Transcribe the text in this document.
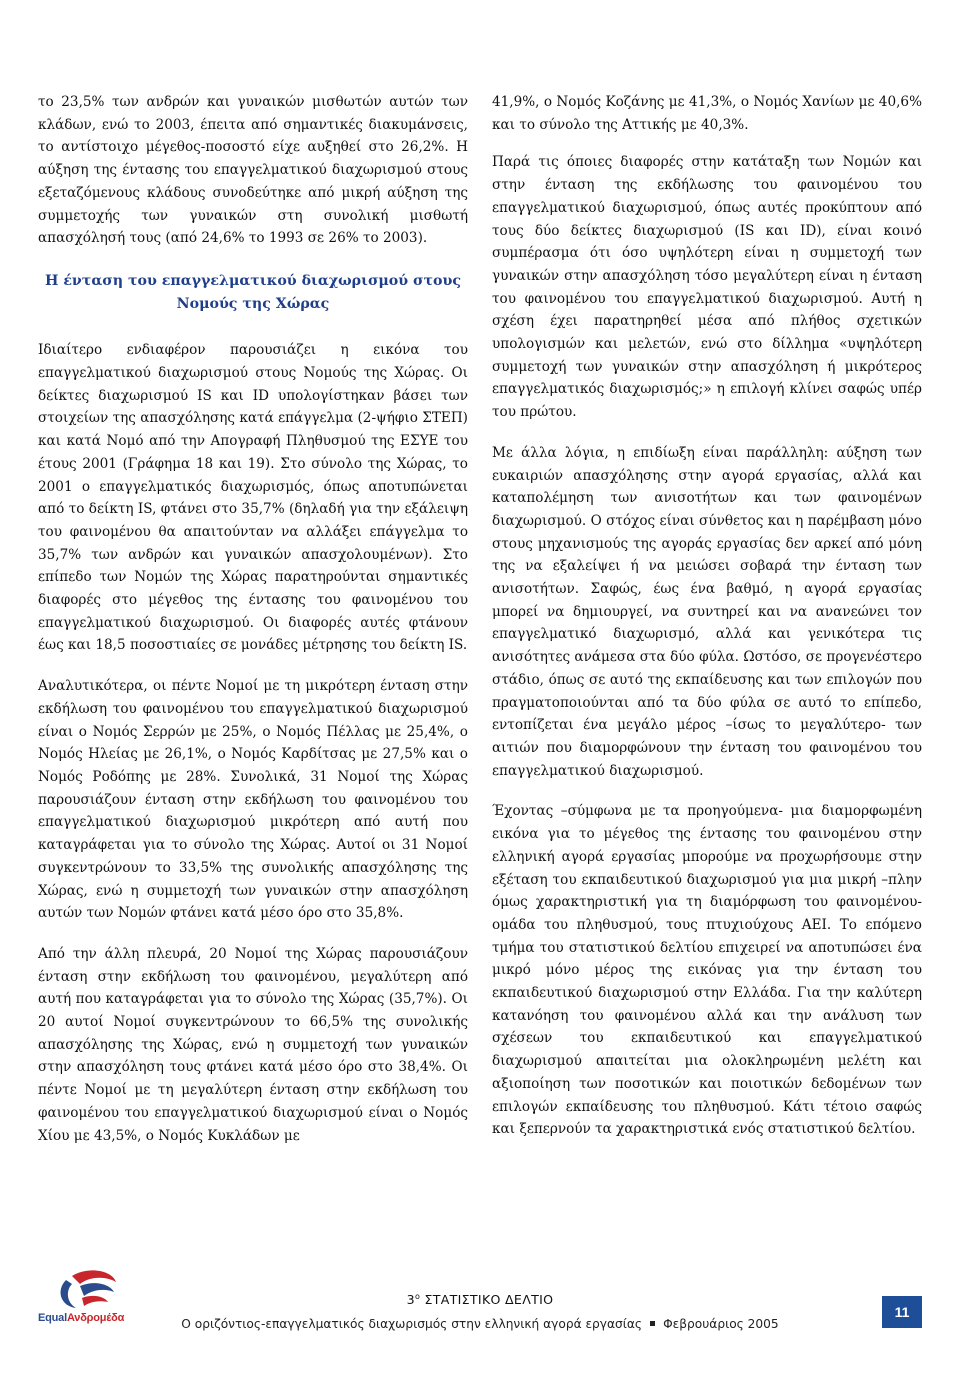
το 23,5% των ανδρών και γυναικών μισθωτών αυτών των κλάδων, ενώ το 2003, έπειτα από σημαντικές διακυμάνσεις, το αντίστοιχο μέγεθος-ποσοστό είχε αυξηθεί στο 26,2%. Η αύξηση της έντασης του επαγγελματικού διαχωρισμού στους εξεταζόμενους κλάδους συνοδεύτηκε από μικρή αύξηση της συμμετοχής των γυναικών στη συνολική μισθωτή απασχόλησή τους (από 24,6% το 1993 σε 26% το 2003).

Η ένταση του επαγγελματικού διαχωρισμού στους
Νομούς της Χώρας

Ιδιαίτερο ενδιαφέρον παρουσιάζει η εικόνα του επαγγελματικού διαχωρισμού στους Νομούς της Χώρας. Οι δείκτες διαχωρισμού IS και ID υπολογίστηκαν βάσει των στοιχείων της απασχόλησης κατά επάγγελμα (2-ψήφιο ΣΤΕΠ) και κατά Νομό από την Απογραφή Πληθυσμού της ΕΣΥΕ του έτους 2001 (Γράφημα 18 και 19). Στο σύνολο της Χώρας, το 2001 ο επαγγελματικός διαχωρισμός, όπως αποτυπώνεται από το δείκτη IS, φτάνει στο 35,7% (δηλαδή για την εξάλειψη του φαινομένου θα απαιτούνταν να αλλάξει επάγγελμα το 35,7% των ανδρών και γυναικών απασχολουμένων). Στο επίπεδο των Νομών της Χώρας παρατηρούνται σημαντικές διαφορές στο μέγεθος της έντασης του φαινομένου του επαγγελματικού διαχωρισμού. Οι διαφορές αυτές φτάνουν έως και 18,5 ποσοστιαίες σε μονάδες μέτρησης του δείκτη IS.

Αναλυτικότερα, οι πέντε Νομοί με τη μικρότερη ένταση στην εκδήλωση του φαινομένου του επαγγελματικού διαχωρισμού είναι ο Νομός Σερρών με 25%, ο Νομός Πέλλας με 25,4%, ο Νομός Ηλείας με 26,1%, ο Νομός Καρδίτσας με 27,5% και ο Νομός Ροδόπης με 28%. Συνολικά, 31 Νομοί της Χώρας παρουσιάζουν ένταση στην εκδήλωση του φαινομένου του επαγγελματικού διαχωρισμού μικρότερη από αυτή που καταγράφεται για το σύνολο της Χώρας. Αυτοί οι 31 Νομοί συγκεντρώνουν το 33,5% της συνολικής απασχόλησης της Χώρας, ενώ η συμμετοχή των γυναικών στην απασχόληση αυτών των Νομών φτάνει κατά μέσο όρο στο 35,8%.

Από την άλλη πλευρά, 20 Νομοί της Χώρας παρουσιάζουν ένταση στην εκδήλωση του φαινομένου, μεγαλύτερη από αυτή που καταγράφεται για το σύνολο της Χώρας (35,7%). Οι 20 αυτοί Νομοί συγκεντρώνουν το 66,5% της συνολικής απασχόλησης της Χώρας, ενώ η συμμετοχή των γυναικών στην απασχόληση τους φτάνει κατά μέσο όρο στο 38,4%. Οι πέντε Νομοί με τη μεγαλύτερη ένταση στην εκδήλωση του φαινομένου του επαγγελματικού διαχωρισμού είναι ο Νομός Χίου με 43,5%, ο Νομός Κυκλάδων με

41,9%, ο Νομός Κοζάνης με 41,3%, ο Νομός Χανίων με 40,6% και το σύνολο της Αττικής με 40,3%.

Παρά τις όποιες διαφορές στην κατάταξη των Νομών και στην ένταση της εκδήλωσης του φαινομένου του επαγγελματικού διαχωρισμού, όπως αυτές προκύπτουν από τους δύο δείκτες διαχωρισμού (IS και ID), είναι κοινό συμπέρασμα ότι όσο υψηλότερη είναι η συμμετοχή των γυναικών στην απασχόληση τόσο μεγαλύτερη είναι η ένταση του φαινομένου του επαγγελματικού διαχωρισμού. Αυτή η σχέση έχει παρατηρηθεί μέσα από πλήθος σχετικών υπολογισμών και μελετών, ενώ στο δίλλημα «υψηλότερη συμμετοχή των γυναικών στην απασχόληση ή μικρότερος επαγγελματικός διαχωρισμός;» η επιλογή κλίνει σαφώς υπέρ του πρώτου.

Με άλλα λόγια, η επιδίωξη είναι παράλληλη: αύξηση των ευκαιριών απασχόλησης στην αγορά εργασίας, αλλά και καταπολέμηση των ανισοτήτων και των φαινομένων διαχωρισμού. Ο στόχος είναι σύνθετος και η παρέμβαση μόνο στους μηχανισμούς της αγοράς εργασίας δεν αρκεί από μόνη της να εξαλείψει ή να μειώσει σοβαρά την ένταση των ανισοτήτων. Σαφώς, έως ένα βαθμό, η αγορά εργασίας μπορεί να δημιουργεί, να συντηρεί και να ανανεώνει τον επαγγελματικό διαχωρισμό, αλλά και γενικότερα τις ανισότητες ανάμεσα στα δύο φύλα. Ωστόσο, σε προγενέστερο στάδιο, όπως σε αυτό της εκπαίδευσης και των επιλογών που πραγματοποιούνται από τα δύο φύλα σε αυτό το επίπεδο, εντοπίζεται ένα μεγάλο μέρος –ίσως το μεγαλύτερο- των αιτιών που διαμορφώνουν την ένταση του φαινομένου του επαγγελματικού διαχωρισμού.

Έχοντας –σύμφωνα με τα προηγούμενα- μια διαμορφωμένη εικόνα για το μέγεθος της έντασης του φαινομένου στην ελληνική αγορά εργασίας μπορούμε να προχωρήσουμε στην εξέταση του εκπαιδευτικού διαχωρισμού για μια μικρή –πλην όμως χαρακτηριστική για τη διαμόρφωση του φαινομένου- ομάδα του πληθυσμού, τους πτυχιούχους ΑΕΙ. Το επόμενο τμήμα του στατιστικού δελτίου επιχειρεί να αποτυπώσει ένα μικρό μόνο μέρος της εικόνας για την ένταση του εκπαιδευτικού διαχωρισμού στην Ελλάδα. Για την καλύτερη κατανόηση του φαινομένου αλλά και την ανάλυση των σχέσεων του εκπαιδευτικού και επαγγελματικού διαχωρισμού απαιτείται μια ολοκληρωμένη μελέτη και αξιοποίηση των ποσοτικών και ποιοτικών δεδομένων των επιλογών εκπαίδευσης του πληθυσμού. Κάτι τέτοιο σαφώς και ξεπερνούν τα χαρακτηριστικά ενός στατιστικού δελτίου.

EqualΑνδρομέδα
$3^o$ ΣΤΑΤΙΣΤΙΚΟ ΔΕΛΤΙΟ
Ο οριζόντιος-επαγγελματικός διαχωρισμός στην ελληνική αγορά εργασίας Φεβρουάριος 2005
11
